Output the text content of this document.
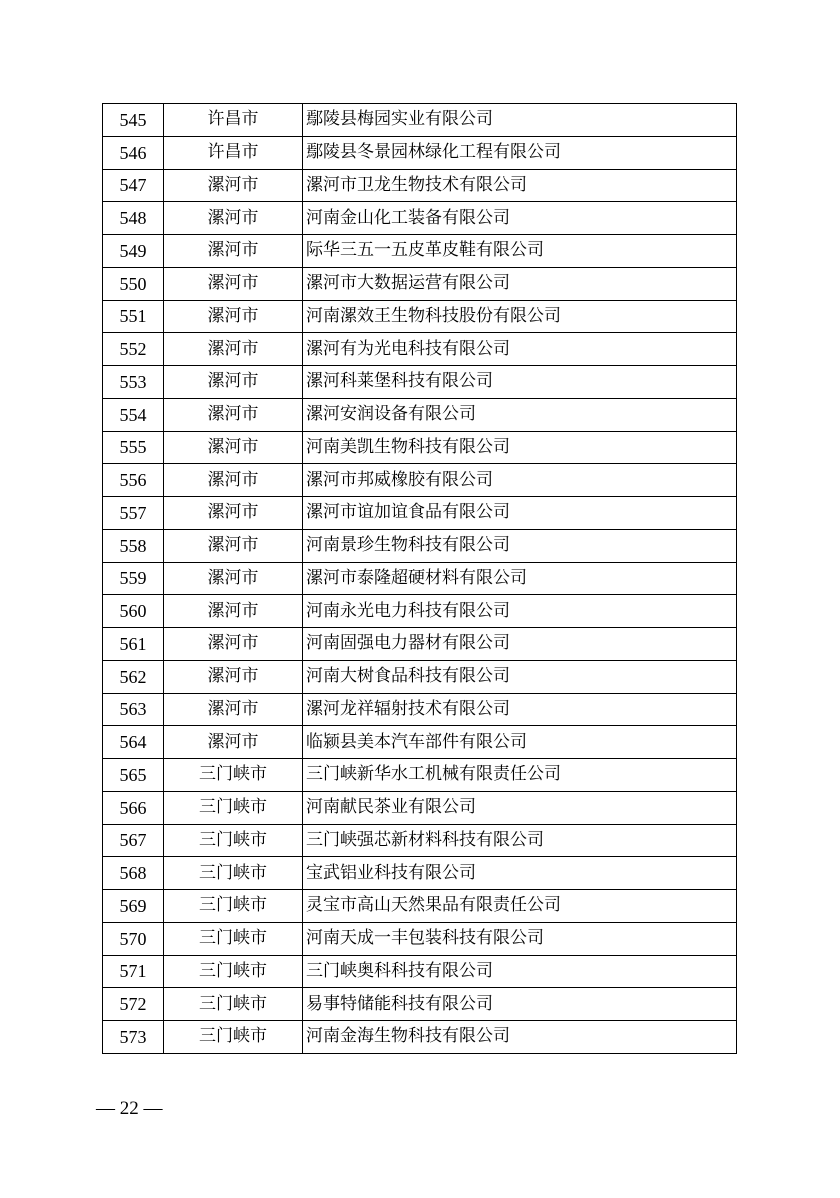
545	许昌市	鄢陵县梅园实业有限公司
546	许昌市	鄢陵县冬景园林绿化工程有限公司
547	漯河市	漯河市卫龙生物技术有限公司
548	漯河市	河南金山化工装备有限公司
549	漯河市	际华三五一五皮革皮鞋有限公司
550	漯河市	漯河市大数据运营有限公司
551	漯河市	河南漯效王生物科技股份有限公司
552	漯河市	漯河有为光电科技有限公司
553	漯河市	漯河科莱堡科技有限公司
554	漯河市	漯河安润设备有限公司
555	漯河市	河南美凯生物科技有限公司
556	漯河市	漯河市邦威橡胶有限公司
557	漯河市	漯河市谊加谊食品有限公司
558	漯河市	河南景珍生物科技有限公司
559	漯河市	漯河市泰隆超硬材料有限公司
560	漯河市	河南永光电力科技有限公司
561	漯河市	河南固强电力器材有限公司
562	漯河市	河南大树食品科技有限公司
563	漯河市	漯河龙祥辐射技术有限公司
564	漯河市	临颍县美本汽车部件有限公司
565	三门峡市	三门峡新华水工机械有限责任公司
566	三门峡市	河南献民茶业有限公司
567	三门峡市	三门峡强芯新材料科技有限公司
568	三门峡市	宝武铝业科技有限公司
569	三门峡市	灵宝市高山天然果品有限责任公司
570	三门峡市	河南天成一丰包装科技有限公司
571	三门峡市	三门峡奥科科技有限公司
572	三门峡市	易事特储能科技有限公司
573	三门峡市	河南金海生物科技有限公司
— 22 —
